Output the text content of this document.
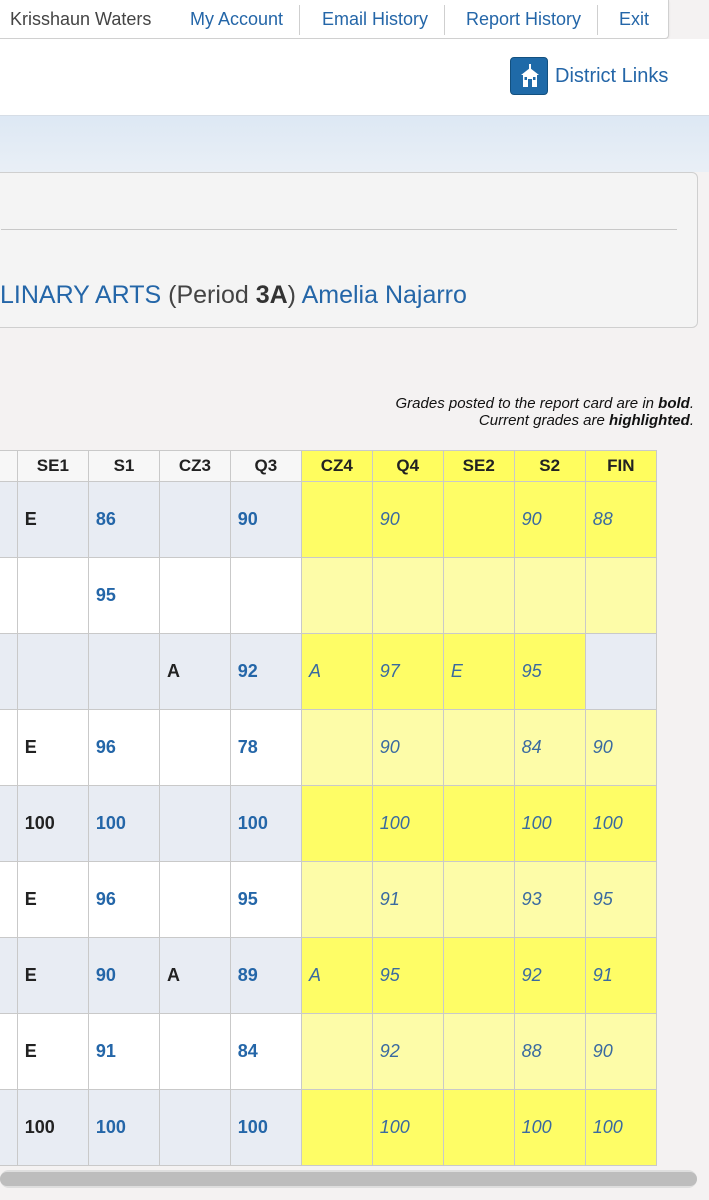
Krisshaun Waters My Account Email History Report History Exit
District Links
LINARY ARTS (Period 3A) Amelia Najarro
Grades posted to the report card are in bold.
Current grades are highlighted.
	SE1	S1	CZ3	Q3	CZ4	Q4	SE2	S2	FIN
	E	86		90		90		90	88
		95							
			A	92	A	97	E	95	
	E	96		78		90		84	90
	100	100		100		100		100	100
	E	96		95		91		93	95
	E	90	A	89	A	95		92	91
	E	91		84		92		88	90
	100	100		100		100		100	100
